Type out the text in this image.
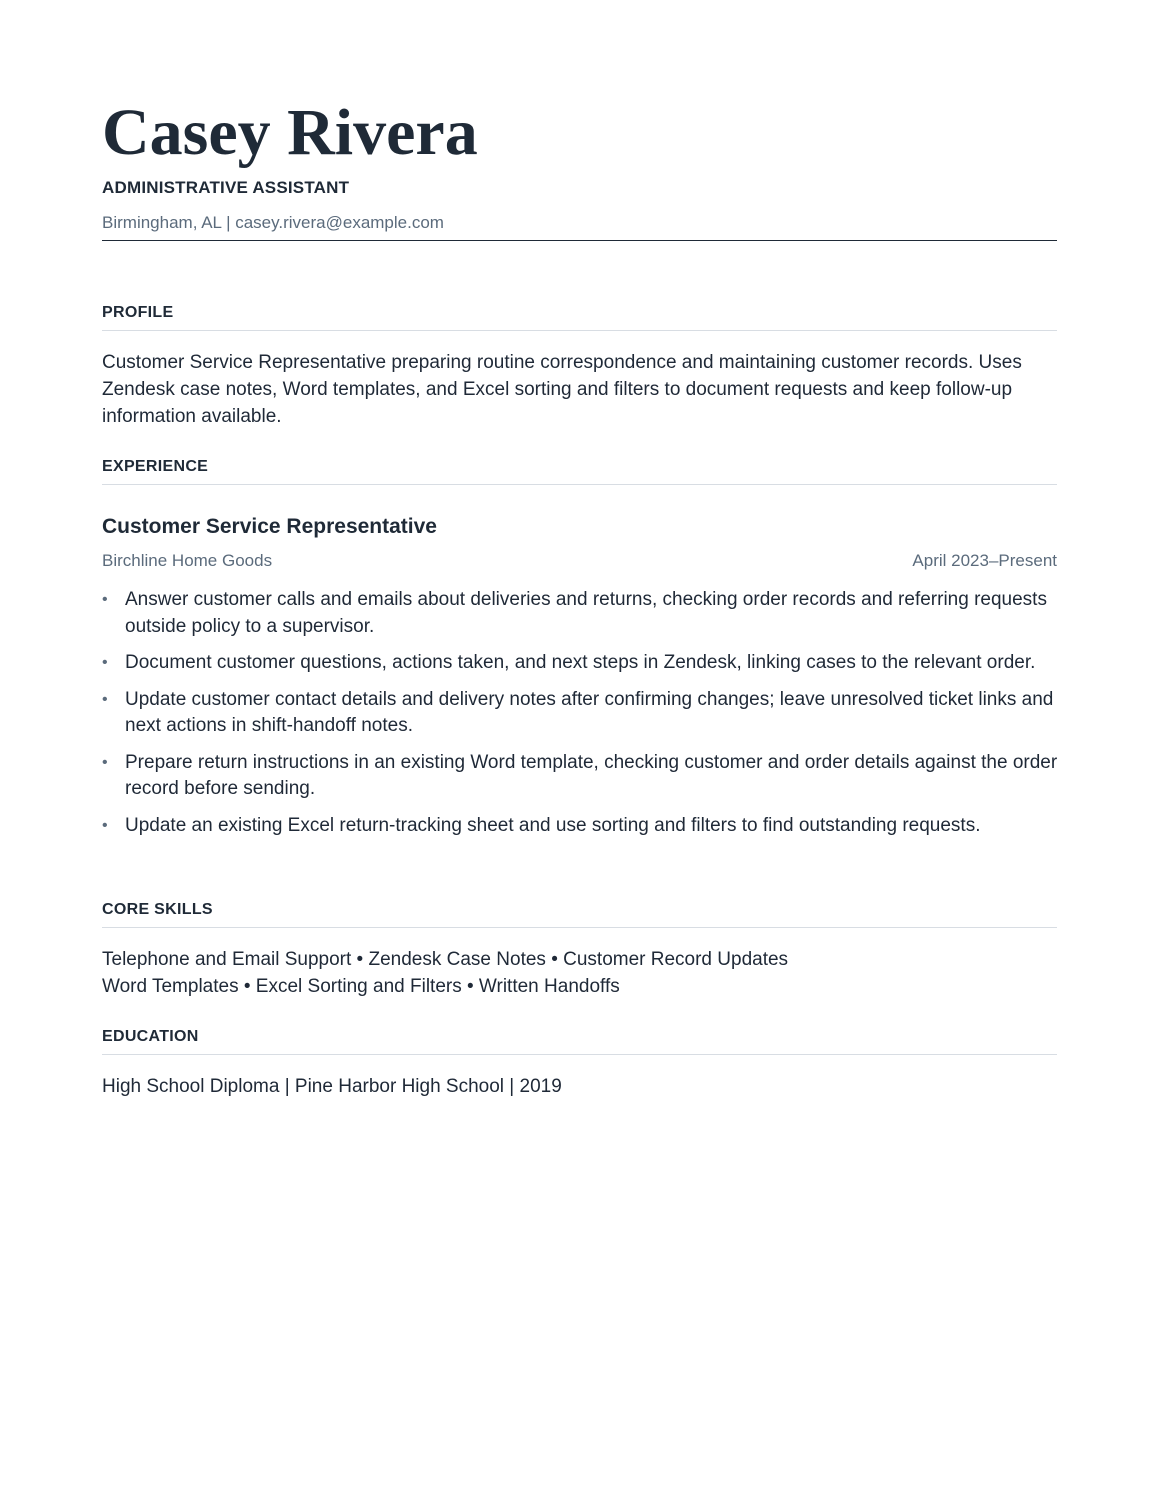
Casey Rivera
ADMINISTRATIVE ASSISTANT
Birmingham, AL | casey.rivera@example.com
PROFILE
Customer Service Representative preparing routine correspondence and maintaining customer records. Uses Zendesk case notes, Word templates, and Excel sorting and filters to document requests and keep follow-up information available.
EXPERIENCE
Customer Service Representative
Birchline Home Goods	April 2023–Present
• Answer customer calls and emails about deliveries and returns, checking order records and referring requests outside policy to a supervisor.
• Document customer questions, actions taken, and next steps in Zendesk, linking cases to the relevant order.
• Update customer contact details and delivery notes after confirming changes; leave unresolved ticket links and next actions in shift-handoff notes.
• Prepare return instructions in an existing Word template, checking customer and order details against the order record before sending.
• Update an existing Excel return-tracking sheet and use sorting and filters to find outstanding requests.
CORE SKILLS
Telephone and Email Support • Zendesk Case Notes • Customer Record Updates
Word Templates • Excel Sorting and Filters • Written Handoffs
EDUCATION
High School Diploma | Pine Harbor High School | 2019
